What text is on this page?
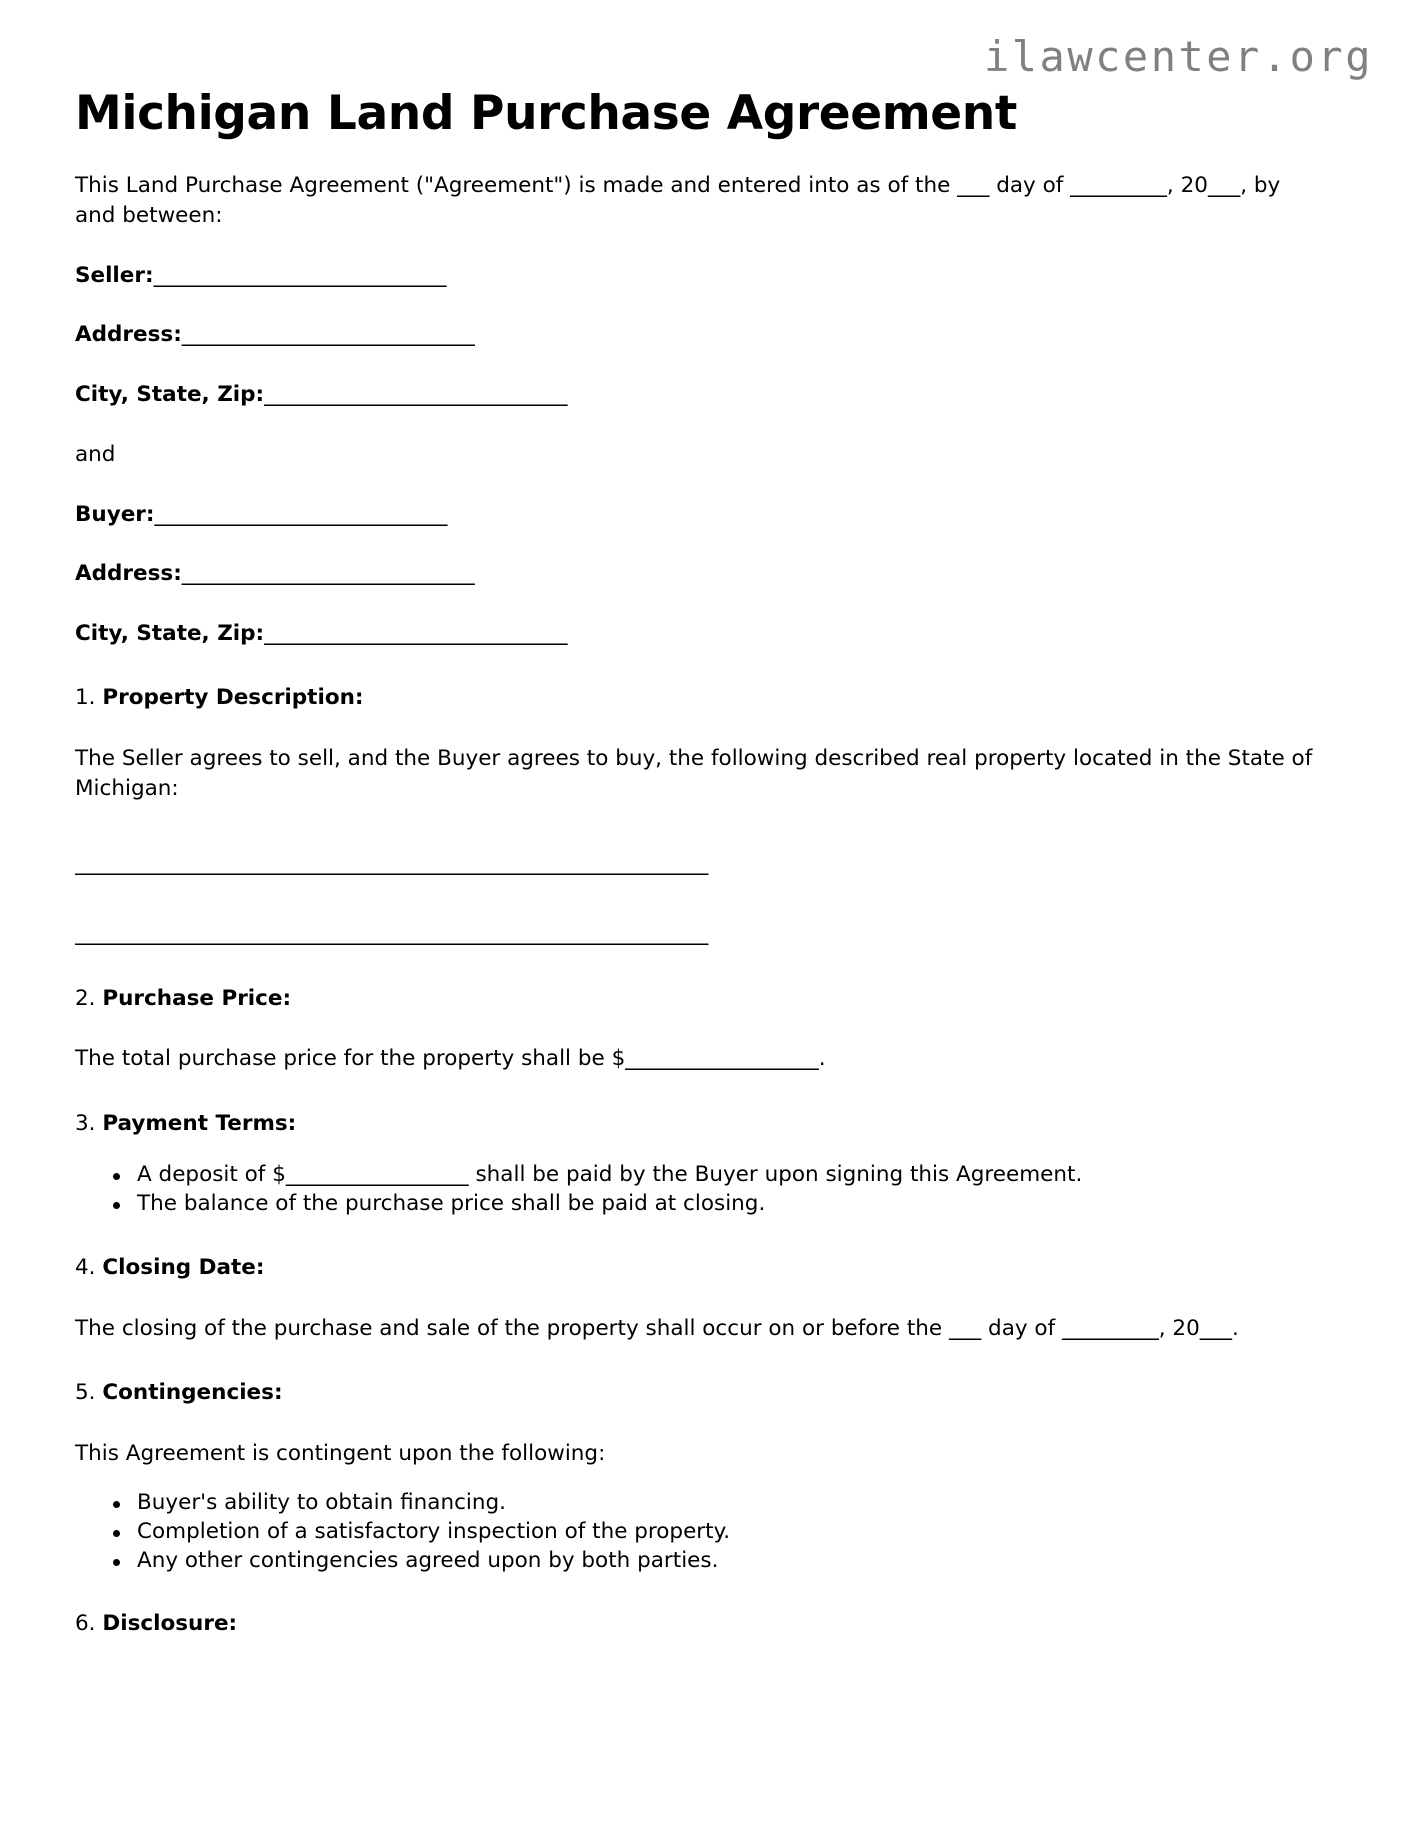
ilawcenter.org
Michigan Land Purchase Agreement

This Land Purchase Agreement ("Agreement") is made and entered into as of the ___ day of _________, 20___, by and between:

Seller:____________________________

Address:____________________________

City, State, Zip:_____________________________

and

Buyer:____________________________

Address:____________________________

City, State, Zip:_____________________________

1. Property Description:

The Seller agrees to sell, and the Buyer agrees to buy, the following described real property located in the State of Michigan:

____________________________________________________________

____________________________________________________________

2. Purchase Price:

The total purchase price for the property shall be $__________________.

3. Payment Terms:

A deposit of $_________________ shall be paid by the Buyer upon signing this Agreement.
The balance of the purchase price shall be paid at closing.

4. Closing Date:

The closing of the purchase and sale of the property shall occur on or before the ___ day of _________, 20___.

5. Contingencies:

This Agreement is contingent upon the following:

Buyer's ability to obtain financing.
Completion of a satisfactory inspection of the property.
Any other contingencies agreed upon by both parties.

6. Disclosure:
